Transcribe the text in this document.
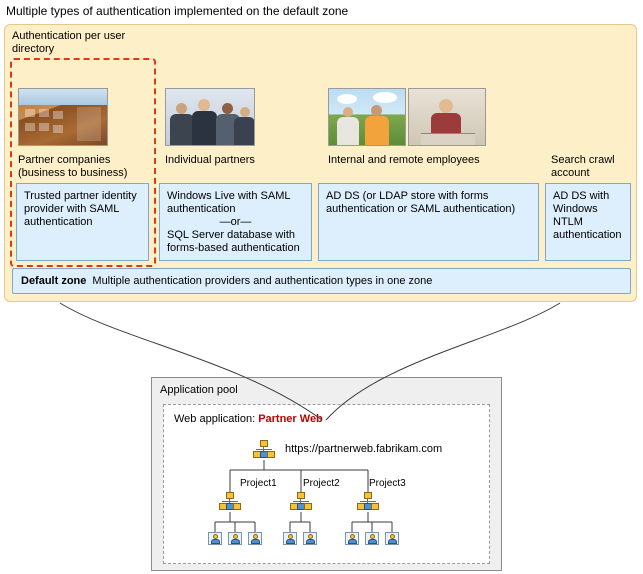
Multiple types of authentication implemented on the default zone
Authentication per user directory
Partner companies (business to business)
Individual partners	Internal and remote employees	Search crawl account
Trusted partner identity provider with SAML authentication
Windows Live with SAML authentication
—or—
SQL Server database with forms-based authentication
AD DS (or LDAP store with forms authentication or SAML authentication)
AD DS with Windows NTLM authentication
Default zone Multiple authentication providers and authentication types in one zone
Application pool
Web application: Partner Web
https://partnerweb.fabrikam.com
Project1	Project2	Project3
